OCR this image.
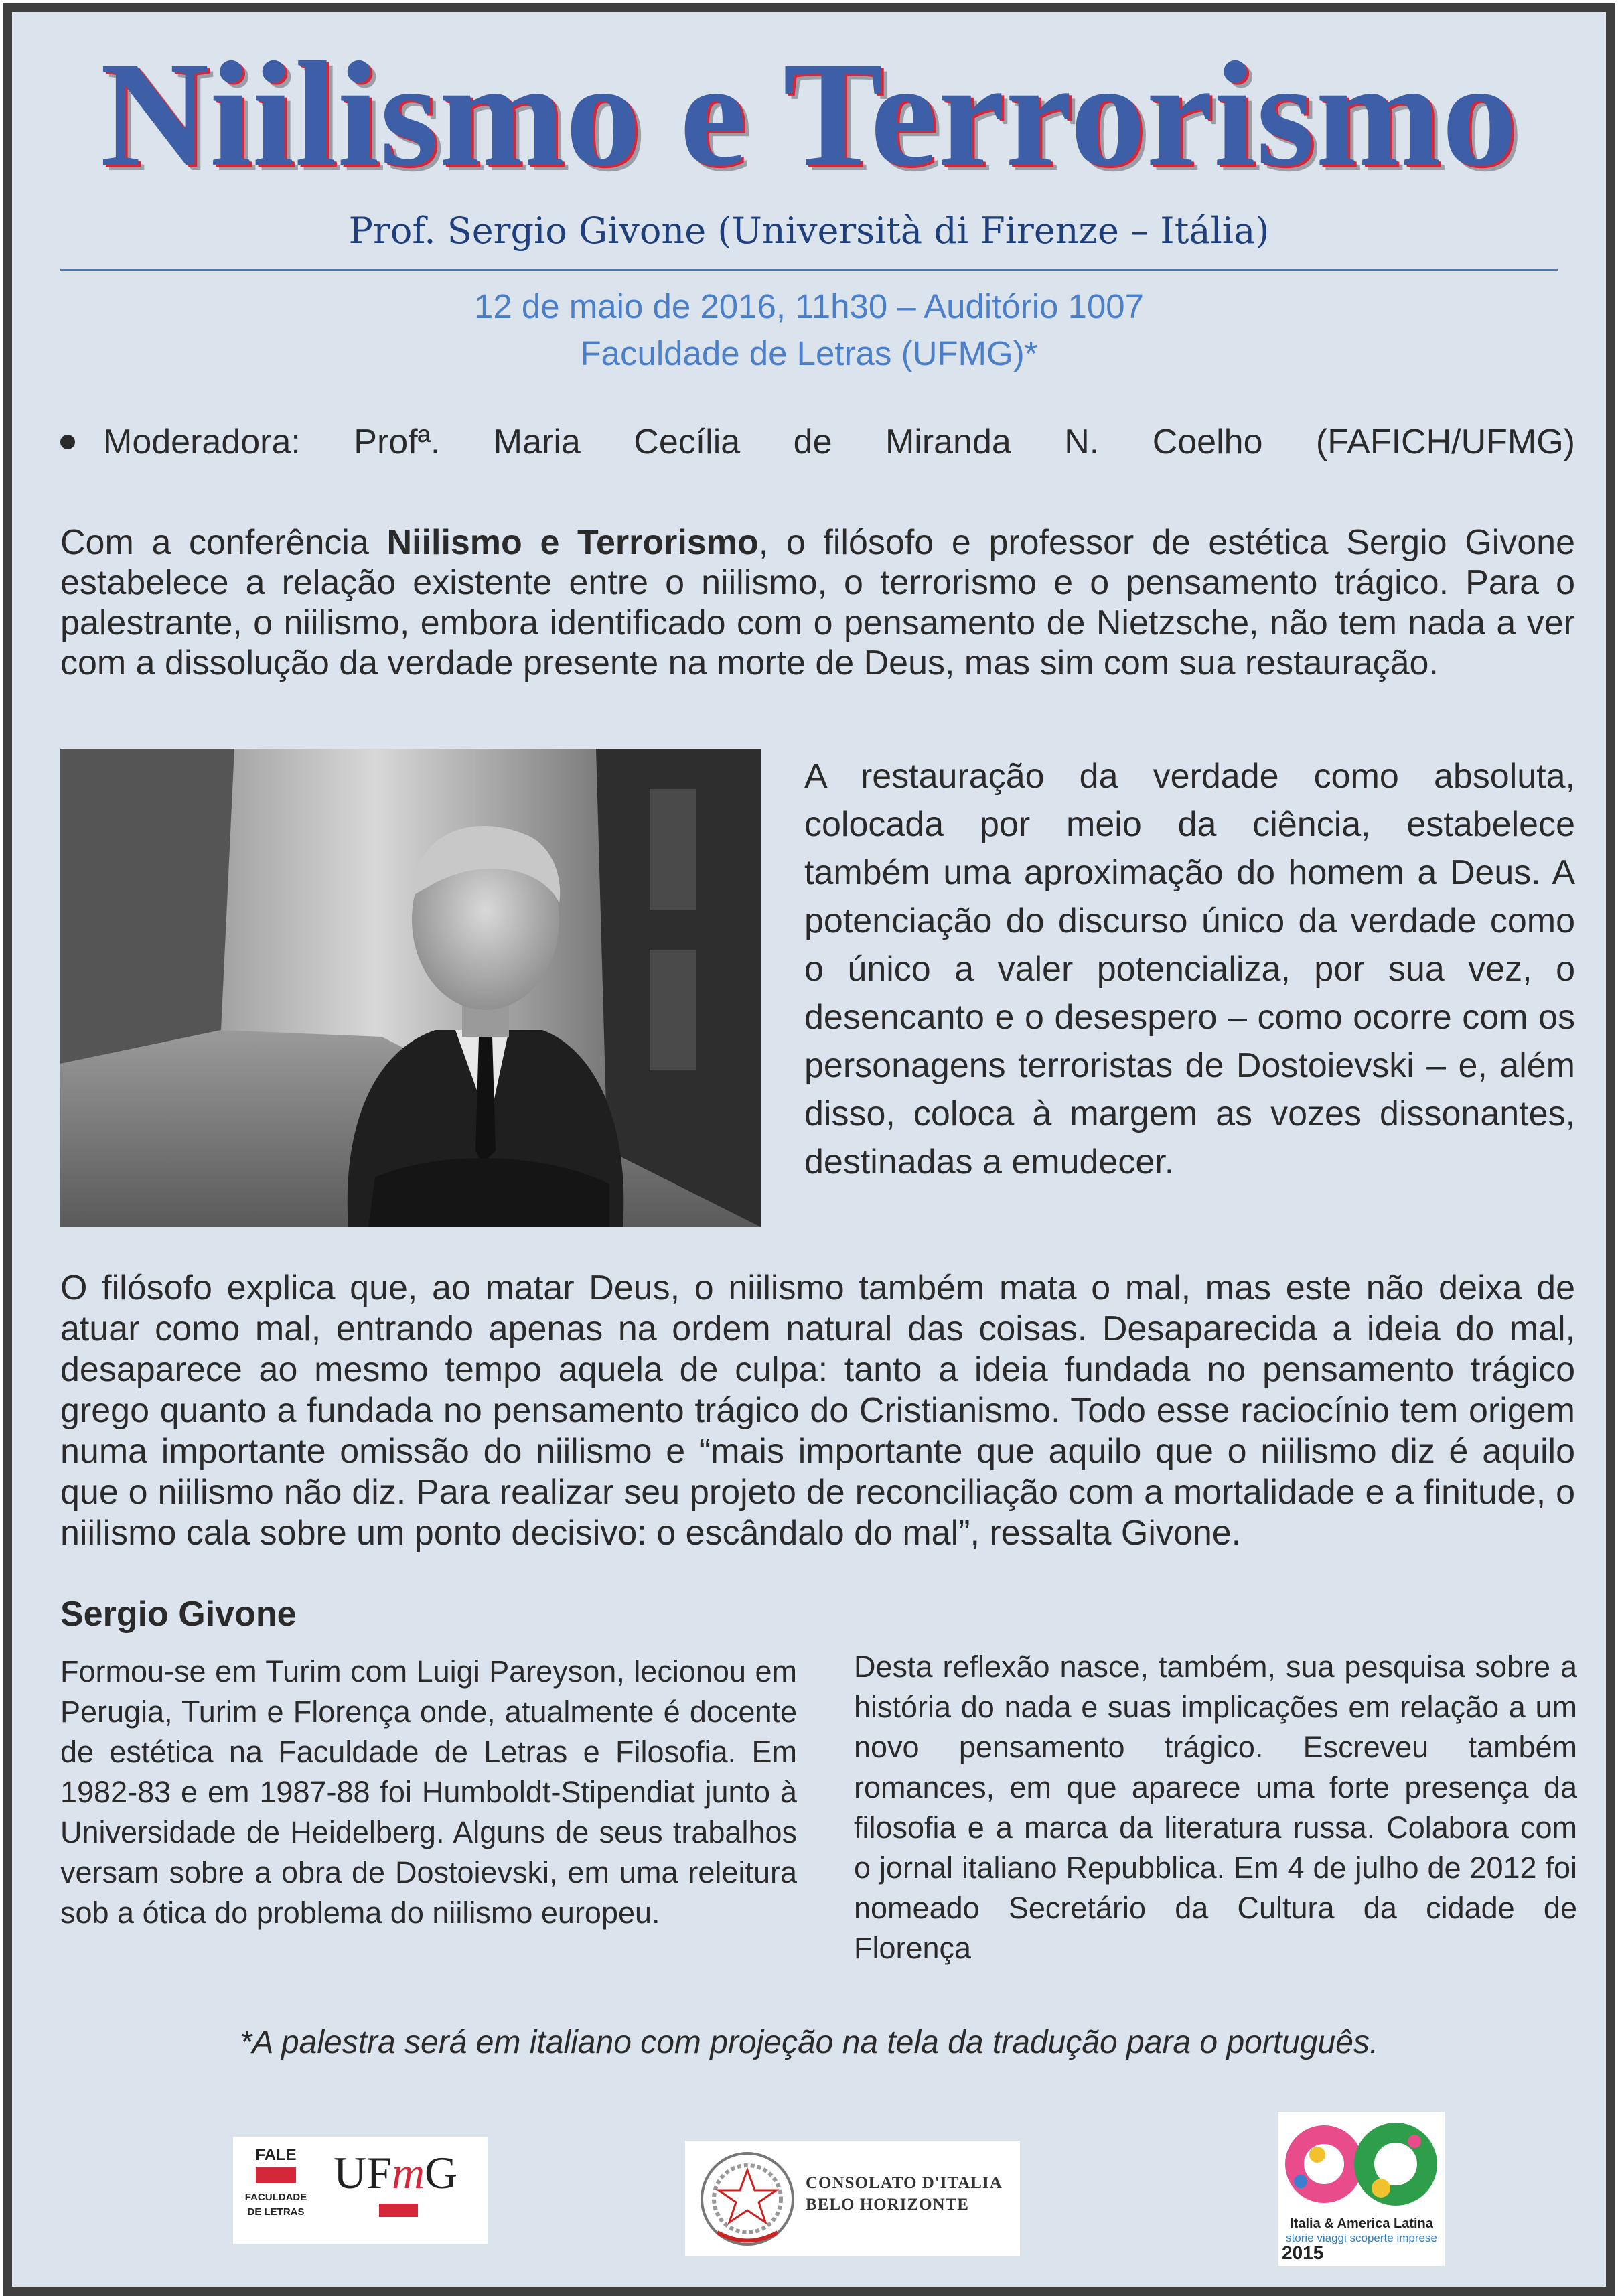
Niilismo e Terrorismo
Prof. Sergio Givone (Università di Firenze – Itália)
12 de maio de 2016, 11h30 – Auditório 1007
Faculdade de Letras (UFMG)*
Moderadora: Profª. Maria Cecília de Miranda N. Coelho (FAFICH/UFMG)
Com a conferência Niilismo e Terrorismo, o filósofo e professor de estética Sergio Givone estabelece a relação existente entre o niilismo, o terrorismo e o pensamento trágico. Para o palestrante, o niilismo, embora identificado com o pensamento de Nietzsche, não tem nada a ver com a dissolução da verdade presente na morte de Deus, mas sim com sua restauração.
A restauração da verdade como absoluta, colocada por meio da ciência, estabelece também uma aproximação do homem a Deus. A potenciação do discurso único da verdade como o único a valer potencializa, por sua vez, o desencanto e o desespero – como ocorre com os personagens terroristas de Dostoievski – e, além disso, coloca à margem as vozes dissonantes, destinadas a emudecer.
O filósofo explica que, ao matar Deus, o niilismo também mata o mal, mas este não deixa de atuar como mal, entrando apenas na ordem natural das coisas. Desaparecida a ideia do mal, desaparece ao mesmo tempo aquela de culpa: tanto a ideia fundada no pensamento trágico grego quanto a fundada no pensamento trágico do Cristianismo. Todo esse raciocínio tem origem numa importante omissão do niilismo e “mais importante que aquilo que o niilismo diz é aquilo que o niilismo não diz. Para realizar seu projeto de reconciliação com a mortalidade e a finitude, o niilismo cala sobre um ponto decisivo: o escândalo do mal”, ressalta Givone.
Sergio Givone
Formou-se em Turim com Luigi Pareyson, lecionou em Perugia, Turim e Florença onde, atualmente é docente de estética na Faculdade de Letras e Filosofia. Em 1982-83 e em 1987-88 foi Humboldt-Stipendiat junto à Universidade de Heidelberg. Alguns de seus trabalhos versam sobre a obra de Dostoievski, em uma releitura sob a ótica do problema do niilismo europeu.
Desta reflexão nasce, também, sua pesquisa sobre a história do nada e suas implicações em relação a um novo pensamento trágico. Escreveu também romances, em que aparece uma forte presença da filosofia e a marca da literatura russa. Colabora com o jornal italiano Repubblica. Em 4 de julho de 2012 foi nomeado Secretário da Cultura da cidade de Florença
*A palestra será em italiano com projeção na tela da tradução para o português.
FALE
FACULDADE
DE LETRAS
UFmG	CONSOLATO D'ITALIA
BELO HORIZONTE
Italia & America Latina
storie viaggi scoperte imprese
2015
